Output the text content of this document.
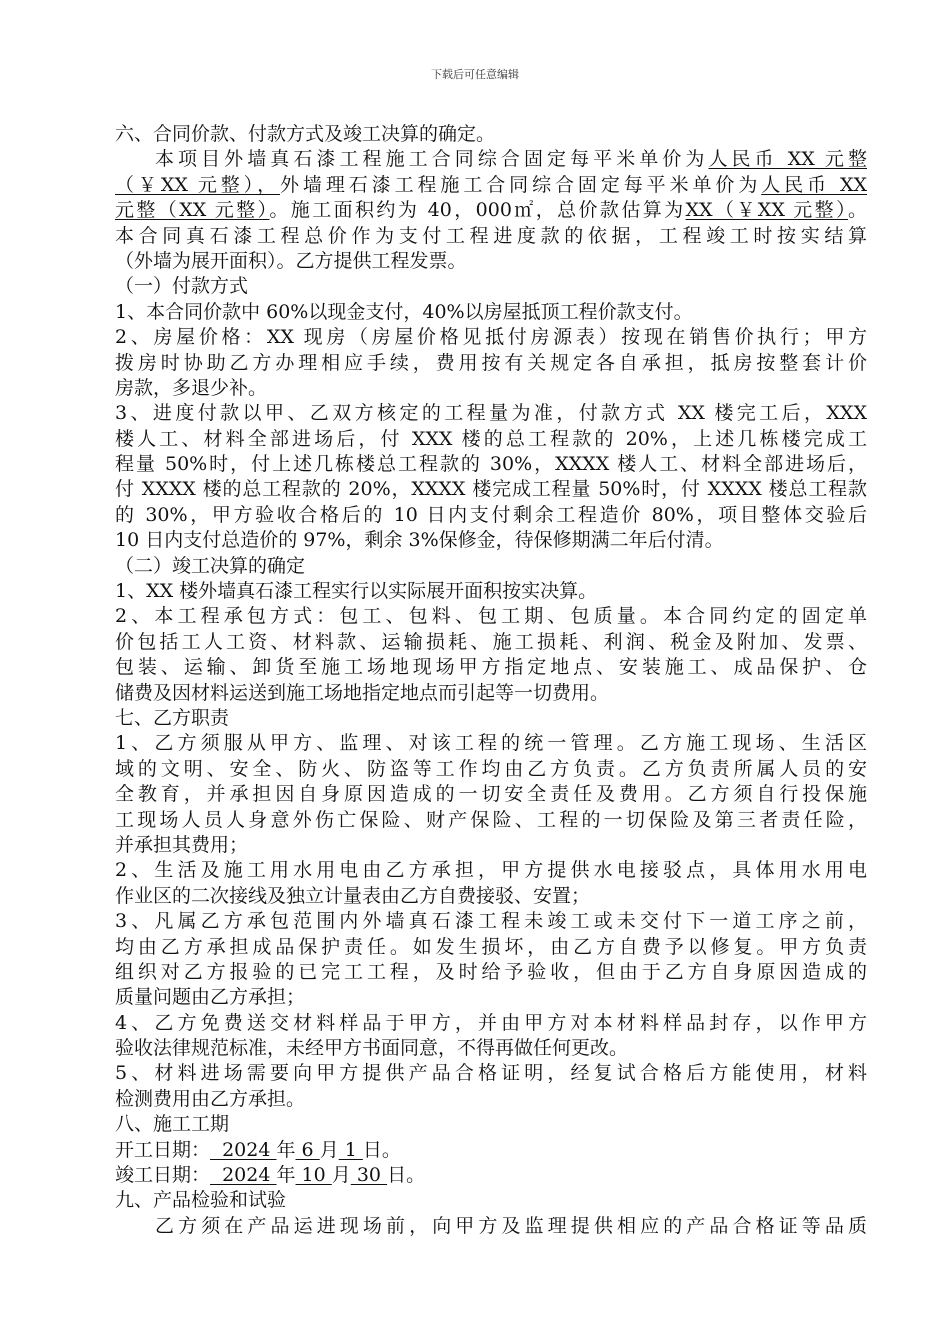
下载后可任意编辑
六、合同价款、付款方式及竣工决算的确定。
本项目外墙真石漆工程施工合同综合固定每平米单价为人民币 XX 元整
（￥XX 元整），外墙理石漆工程施工合同综合固定每平米单价为人民币 XX
元整（XX 元整）。施工面积约为 40，000㎡，总价款估算为XX（￥XX 元整）。
本合同真石漆工程总价作为支付工程进度款的依据，工程竣工时按实结算
（外墙为展开面积）。乙方提供工程发票。
（一）付款方式
1、本合同价款中 60%以现金支付，40%以房屋抵顶工程价款支付。
2、房屋价格：XX 现房（房屋价格见抵付房源表）按现在销售价执行；甲方
拨房时协助乙方办理相应手续，费用按有关规定各自承担，抵房按整套计价
房款，多退少补。
3、进度付款以甲、乙双方核定的工程量为准，付款方式 XX 楼完工后，XXX
楼人工、材料全部进场后，付 XXX 楼的总工程款的 20%，上述几栋楼完成工
程量 50%时，付上述几栋楼总工程款的 30%，XXXX 楼人工、材料全部进场后，
付 XXXX 楼的总工程款的 20%，XXXX 楼完成工程量 50%时，付 XXXX 楼总工程款
的 30%，甲方验收合格后的 10 日内支付剩余工程造价 80%，项目整体交验后
10 日内支付总造价的 97%，剩余 3%保修金，待保修期满二年后付清。
（二）竣工决算的确定
1、XX 楼外墙真石漆工程实行以实际展开面积按实决算。
2、本工程承包方式：包工、包料、包工期、包质量。本合同约定的固定单
价包括工人工资、材料款、运输损耗、施工损耗、利润、税金及附加、发票、
包装、运输、卸货至施工场地现场甲方指定地点、安装施工、成品保护、仓
储费及因材料运送到施工场地指定地点而引起等一切费用。
七、乙方职责
1、乙方须服从甲方、监理、对该工程的统一管理。乙方施工现场、生活区
域的文明、安全、防火、防盗等工作均由乙方负责。乙方负责所属人员的安
全教育，并承担因自身原因造成的一切安全责任及费用。乙方须自行投保施
工现场人员人身意外伤亡保险、财产保险、工程的一切保险及第三者责任险，
并承担其费用；
2、生活及施工用水用电由乙方承担，甲方提供水电接驳点，具体用水用电
作业区的二次接线及独立计量表由乙方自费接驳、安置；
3、凡属乙方承包范围内外墙真石漆工程未竣工或未交付下一道工序之前，
均由乙方承担成品保护责任。如发生损坏，由乙方自费予以修复。甲方负责
组织对乙方报验的已完工工程，及时给予验收，但由于乙方自身原因造成的
质量问题由乙方承担；
4、乙方免费送交材料样品于甲方，并由甲方对本材料样品封存，以作甲方
验收法律规范标准，未经甲方书面同意，不得再做任何更改。
5、材料进场需要向甲方提供产品合格证明，经复试合格后方能使用，材料
检测费用由乙方承担。
八、施工工期
开工日期：  2024 年 6 月 1 日。
竣工日期：  2024 年 10 月 30 日。
九、产品检验和试验
乙方须在产品运进现场前，向甲方及监理提供相应的产品合格证等品质
